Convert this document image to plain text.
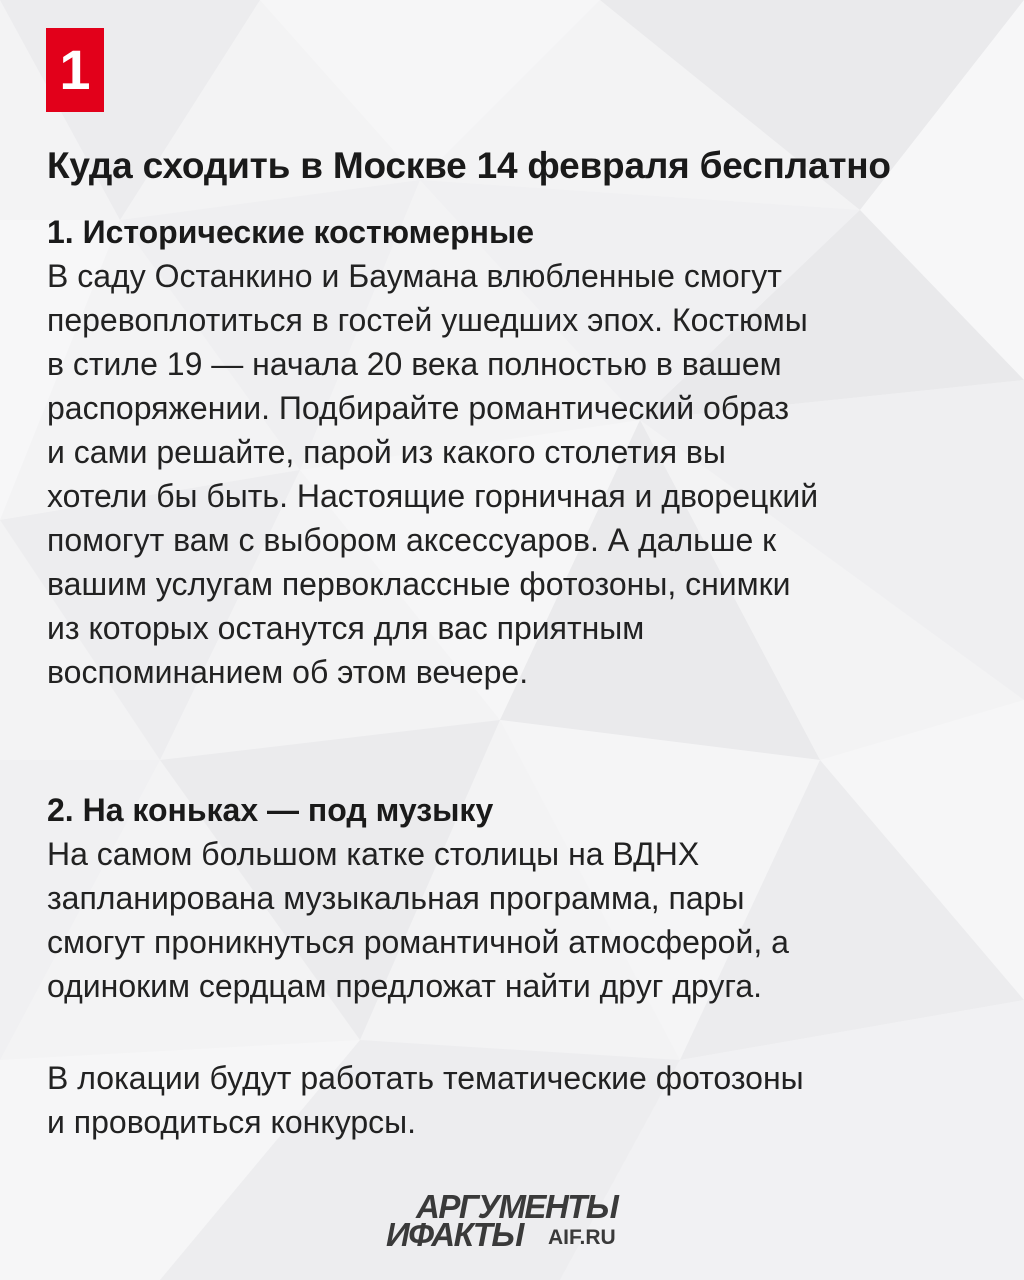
1
Куда сходить в Москве 14 февраля бесплатно
1. Исторические костюмерные

В саду Останкино и Баумана влюбленные смогут
перевоплотиться в гостей ушедших эпох. Костюмы
в стиле 19 — начала 20 века полностью в вашем
распоряжении. Подбирайте романтический образ
и сами решайте, парой из какого столетия вы
хотели бы быть. Настоящие горничная и дворецкий
помогут вам с выбором аксессуаров. А дальше к
вашим услугам первоклассные фотозоны, снимки
из которых останутся для вас приятным
воспоминанием об этом вечере.

2. На коньках — под музыку

На самом большом катке столицы на ВДНХ
запланирована музыкальная программа, пары
смогут проникнуться романтичной атмосферой, а
одиноким сердцам предложат найти друг друга.

В локации будут работать тематические фотозоны
и проводиться конкурсы.

АРГУМЕНТЫ
ИФАКТЫ AIF.RU
